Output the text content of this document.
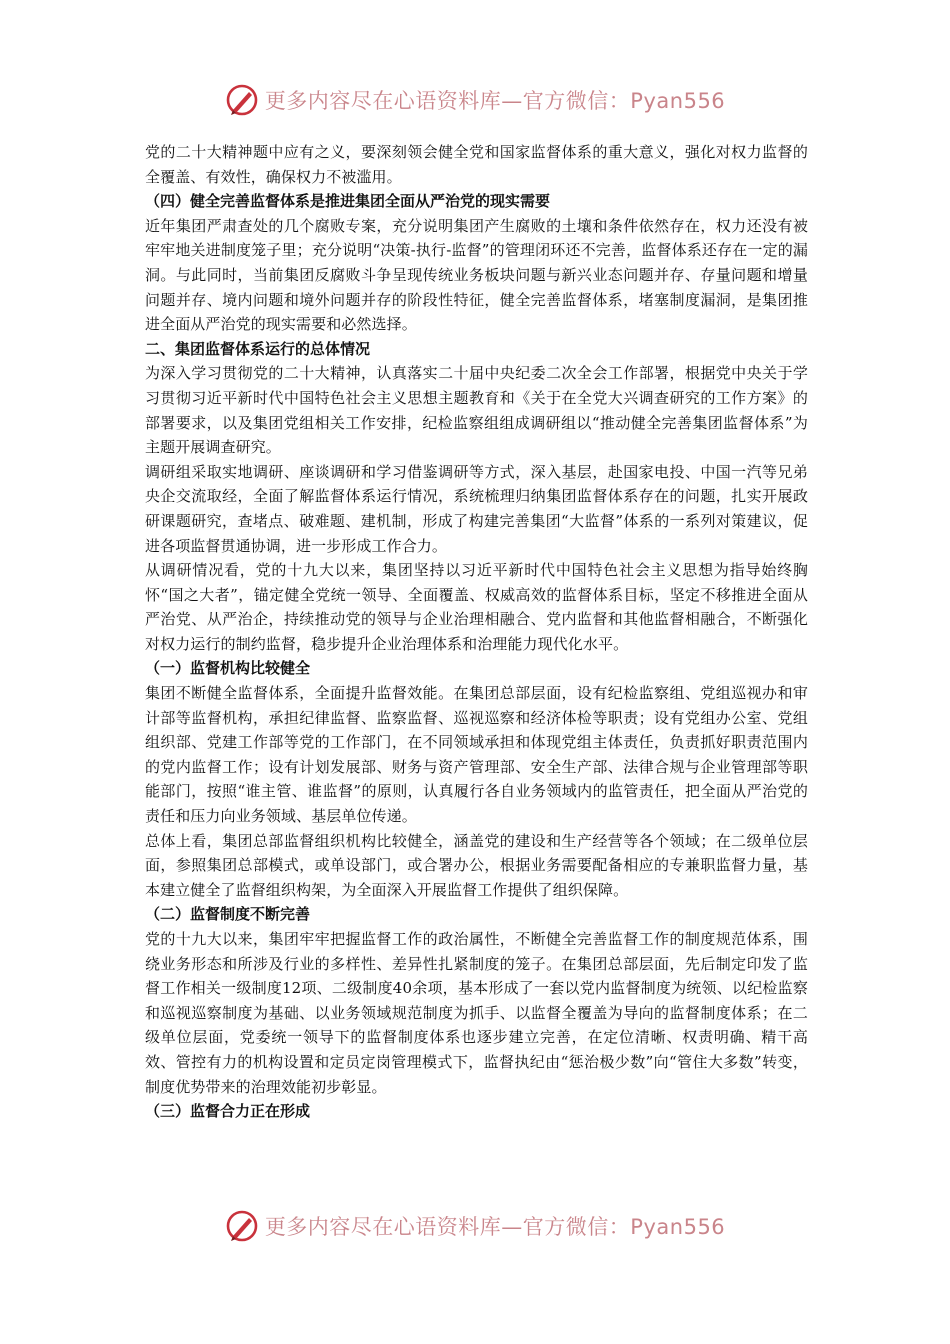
更多内容尽在心语资料库—官方微信：Pyan556

党的二十大精神题中应有之义，要深刻领会健全党和国家监督体系的重大意义，强化对权力监督的全覆盖、有效性，确保权力不被滥用。

（四）健全完善监督体系是推进集团全面从严治党的现实需要

近年集团严肃查处的几个腐败专案，充分说明集团产生腐败的土壤和条件依然存在，权力还没有被牢牢地关进制度笼子里；充分说明“决策-执行-监督”的管理闭环还不完善，监督体系还存在一定的漏洞。与此同时，当前集团反腐败斗争呈现传统业务板块问题与新兴业态问题并存、存量问题和增量问题并存、境内问题和境外问题并存的阶段性特征，健全完善监督体系，堵塞制度漏洞，是集团推进全面从严治党的现实需要和必然选择。

二、集团监督体系运行的总体情况

为深入学习贯彻党的二十大精神，认真落实二十届中央纪委二次全会工作部署，根据党中央关于学习贯彻习近平新时代中国特色社会主义思想主题教育和《关于在全党大兴调查研究的工作方案》的部署要求，以及集团党组相关工作安排，纪检监察组组成调研组以“推动健全完善集团监督体系”为主题开展调查研究。

调研组采取实地调研、座谈调研和学习借鉴调研等方式，深入基层，赴国家电投、中国一汽等兄弟央企交流取经，全面了解监督体系运行情况，系统梳理归纳集团监督体系存在的问题，扎实开展政研课题研究，查堵点、破难题、建机制，形成了构建完善集团“大监督”体系的一系列对策建议，促进各项监督贯通协调，进一步形成工作合力。

从调研情况看，党的十九大以来，集团坚持以习近平新时代中国特色社会主义思想为指导始终胸怀“国之大者”，锚定健全党统一领导、全面覆盖、权威高效的监督体系目标，坚定不移推进全面从严治党、从严治企，持续推动党的领导与企业治理相融合、党内监督和其他监督相融合，不断强化对权力运行的制约监督，稳步提升企业治理体系和治理能力现代化水平。

（一）监督机构比较健全

集团不断健全监督体系，全面提升监督效能。在集团总部层面，设有纪检监察组、党组巡视办和审计部等监督机构，承担纪律监督、监察监督、巡视巡察和经济体检等职责；设有党组办公室、党组组织部、党建工作部等党的工作部门，在不同领域承担和体现党组主体责任，负责抓好职责范围内的党内监督工作；设有计划发展部、财务与资产管理部、安全生产部、法律合规与企业管理部等职能部门，按照“谁主管、谁监督”的原则，认真履行各自业务领域内的监管责任，把全面从严治党的责任和压力向业务领域、基层单位传递。

总体上看，集团总部监督组织机构比较健全，涵盖党的建设和生产经营等各个领域；在二级单位层面，参照集团总部模式，或单设部门，或合署办公，根据业务需要配备相应的专兼职监督力量，基本建立健全了监督组织构架，为全面深入开展监督工作提供了组织保障。

（二）监督制度不断完善

党的十九大以来，集团牢牢把握监督工作的政治属性，不断健全完善监督工作的制度规范体系，围绕业务形态和所涉及行业的多样性、差异性扎紧制度的笼子。在集团总部层面，先后制定印发了监督工作相关一级制度12项、二级制度40余项，基本形成了一套以党内监督制度为统领、以纪检监察和巡视巡察制度为基础、以业务领域规范制度为抓手、以监督全覆盖为导向的监督制度体系；在二级单位层面，党委统一领导下的监督制度体系也逐步建立完善，在定位清晰、权责明确、精干高效、管控有力的机构设置和定员定岗管理模式下，监督执纪由“惩治极少数”向“管住大多数”转变，制度优势带来的治理效能初步彰显。

（三）监督合力正在形成

更多内容尽在心语资料库—官方微信：Pyan556
